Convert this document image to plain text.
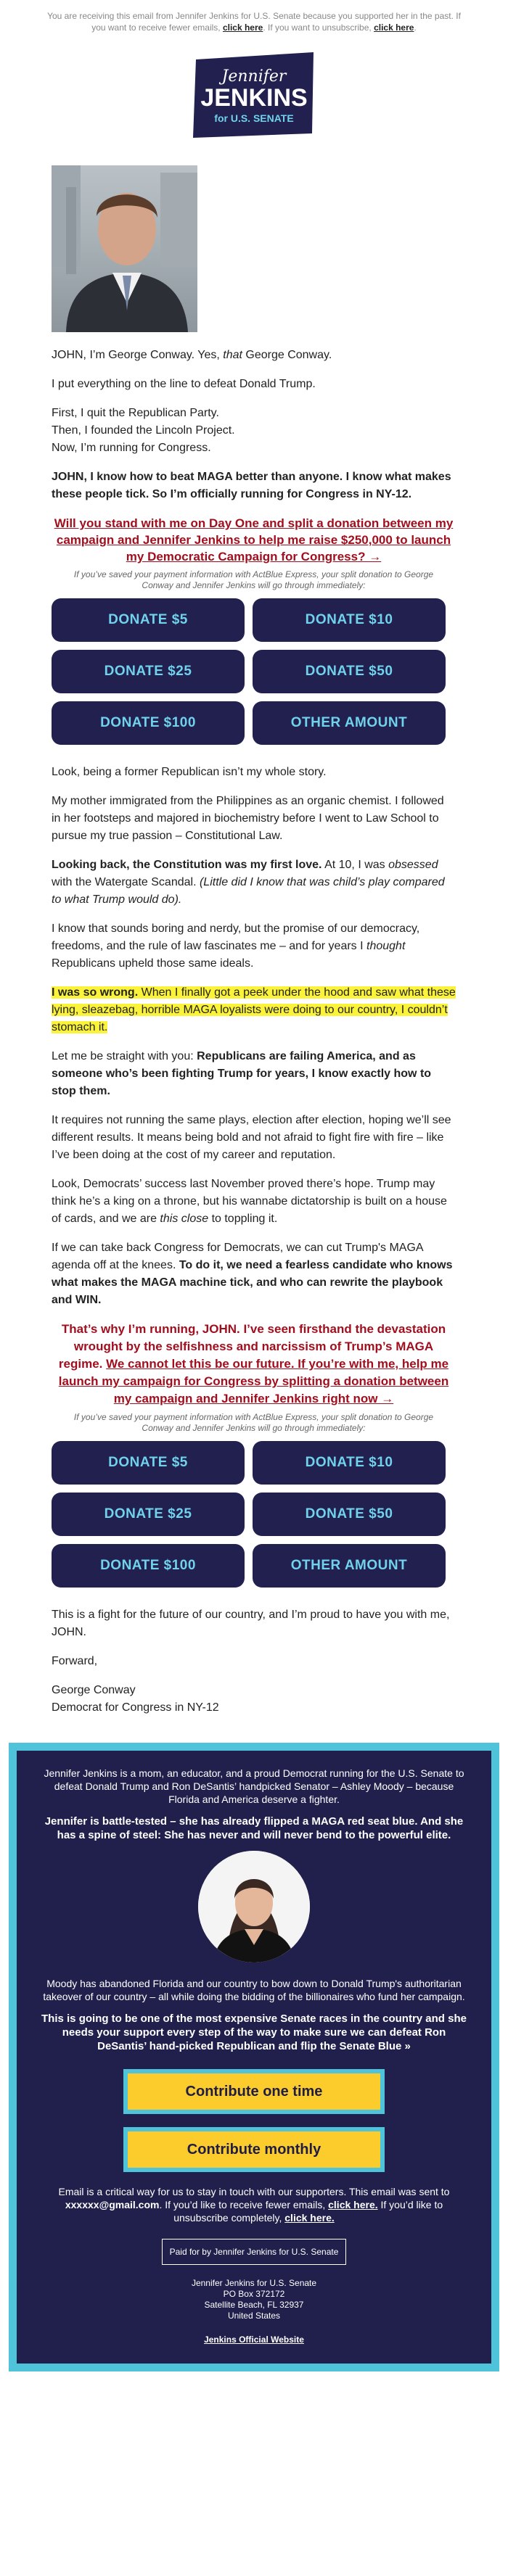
You are receiving this email from Jennifer Jenkins for U.S. Senate because you supported her in the past. If you want to receive fewer emails, click here. If you want to unsubscribe, click here.
Jennifer
JENKINS
for U.S. SENATE

JOHN, I’m George Conway. Yes, that George Conway.

I put everything on the line to defeat Donald Trump.

First, I quit the Republican Party.
Then, I founded the Lincoln Project.
Now, I’m running for Congress.

JOHN, I know how to beat MAGA better than anyone. I know what makes these people tick. So I’m officially running for Congress in NY-12.

Will you stand with me on Day One and split a donation between my campaign and Jennifer Jenkins to help me raise $250,000 to launch my Democratic Campaign for Congress? →
If you’ve saved your payment information with ActBlue Express, your split donation to George Conway and Jennifer Jenkins will go through immediately:
DONATE $5	DONATE $10
DONATE $25	DONATE $50
DONATE $100	OTHER AMOUNT

Look, being a former Republican isn’t my whole story.

My mother immigrated from the Philippines as an organic chemist. I followed in her footsteps and majored in biochemistry before I went to Law School to pursue my true passion – Constitutional Law.

Looking back, the Constitution was my first love. At 10, I was obsessed with the Watergate Scandal. (Little did I know that was child’s play compared to what Trump would do).

I know that sounds boring and nerdy, but the promise of our democracy, freedoms, and the rule of law fascinates me – and for years I thought Republicans upheld those same ideals.

I was so wrong. When I finally got a peek under the hood and saw what these lying, sleazebag, horrible MAGA loyalists were doing to our country, I couldn’t stomach it.

Let me be straight with you: Republicans are failing America, and as someone who’s been fighting Trump for years, I know exactly how to stop them.

It requires not running the same plays, election after election, hoping we’ll see different results. It means being bold and not afraid to fight fire with fire – like I’ve been doing at the cost of my career and reputation.

Look, Democrats’ success last November proved there’s hope. Trump may think he’s a king on a throne, but his wannabe dictatorship is built on a house of cards, and we are this close to toppling it.

If we can take back Congress for Democrats, we can cut Trump's MAGA agenda off at the knees. To do it, we need a fearless candidate who knows what makes the MAGA machine tick, and who can rewrite the playbook and WIN.

That’s why I’m running, JOHN. I’ve seen firsthand the devastation wrought by the selfishness and narcissism of Trump’s MAGA regime. We cannot let this be our future. If you’re with me, help me launch my campaign for Congress by splitting a donation between my campaign and Jennifer Jenkins right now →
If you’ve saved your payment information with ActBlue Express, your split donation to George Conway and Jennifer Jenkins will go through immediately:
DONATE $5	DONATE $10
DONATE $25	DONATE $50
DONATE $100	OTHER AMOUNT

This is a fight for the future of our country, and I’m proud to have you with me, JOHN.

Forward,

George Conway
Democrat for Congress in NY-12

Jennifer Jenkins is a mom, an educator, and a proud Democrat running for the U.S. Senate to defeat Donald Trump and Ron DeSantis’ handpicked Senator – Ashley Moody – because Florida and America deserve a fighter.

Jennifer is battle-tested – she has already flipped a MAGA red seat blue. And she has a spine of steel: She has never and will never bend to the powerful elite.

Moody has abandoned Florida and our country to bow down to Donald Trump's authoritarian takeover of our country – all while doing the bidding of the billionaires who fund her campaign.

This is going to be one of the most expensive Senate races in the country and she needs your support every step of the way to make sure we can defeat Ron DeSantis’ hand-picked Republican and flip the Senate Blue »

Contribute one time
Contribute monthly

Email is a critical way for us to stay in touch with our supporters. This email was sent to xxxxxx@gmail.com. If you’d like to receive fewer emails, click here. If you’d like to unsubscribe completely, click here.

Paid for by Jennifer Jenkins for U.S. Senate
Jennifer Jenkins for U.S. Senate
PO Box 372172
Satellite Beach, FL 32937
United States
Jenkins Official Website
